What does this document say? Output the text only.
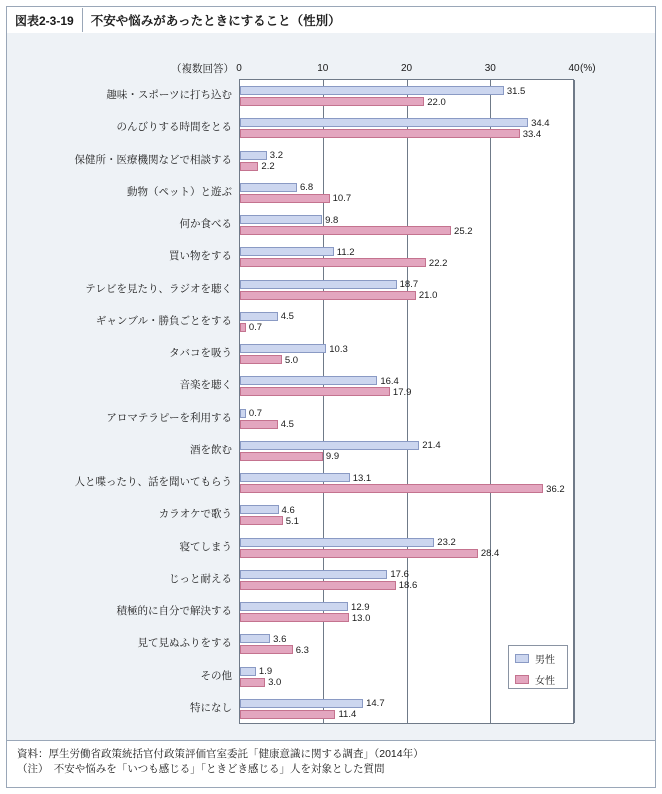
図表2-3-19 不安や悩みがあったときにすること（性別）
（複数回答）	(%)
0	10	20	30	40
31.5
22.0
34.4
33.4
3.2
2.2
6.8
10.7
9.8
25.2
11.2
22.2
18.7
21.0
4.5
0.7
10.3
5.0
16.4
17.9
0.7
4.5
21.4
9.9
13.1
36.2
4.6
5.1
23.2
28.4
17.6
18.6
12.9
13.0
3.6
6.3
1.9
3.0
14.7
11.4
趣味・スポーツに打ち込む
のんびりする時間をとる
保健所・医療機関などで相談する
動物（ペット）と遊ぶ
何か食べる
買い物をする
テレビを見たり、ラジオを聴く
ギャンブル・勝負ごとをする
タバコを吸う
音楽を聴く
アロマテラピーを利用する
酒を飲む
人と喋ったり、話を聞いてもらう
カラオケで歌う
寝てしまう
じっと耐える
積極的に自分で解決する
見て見ぬふりをする
その他
特になし
男性
女性
資料：厚生労働省政策統括官付政策評価官室委託「健康意識に関する調査」（2014年）
（注）　不安や悩みを「いつも感じる」「ときどき感じる」人を対象とした質問
